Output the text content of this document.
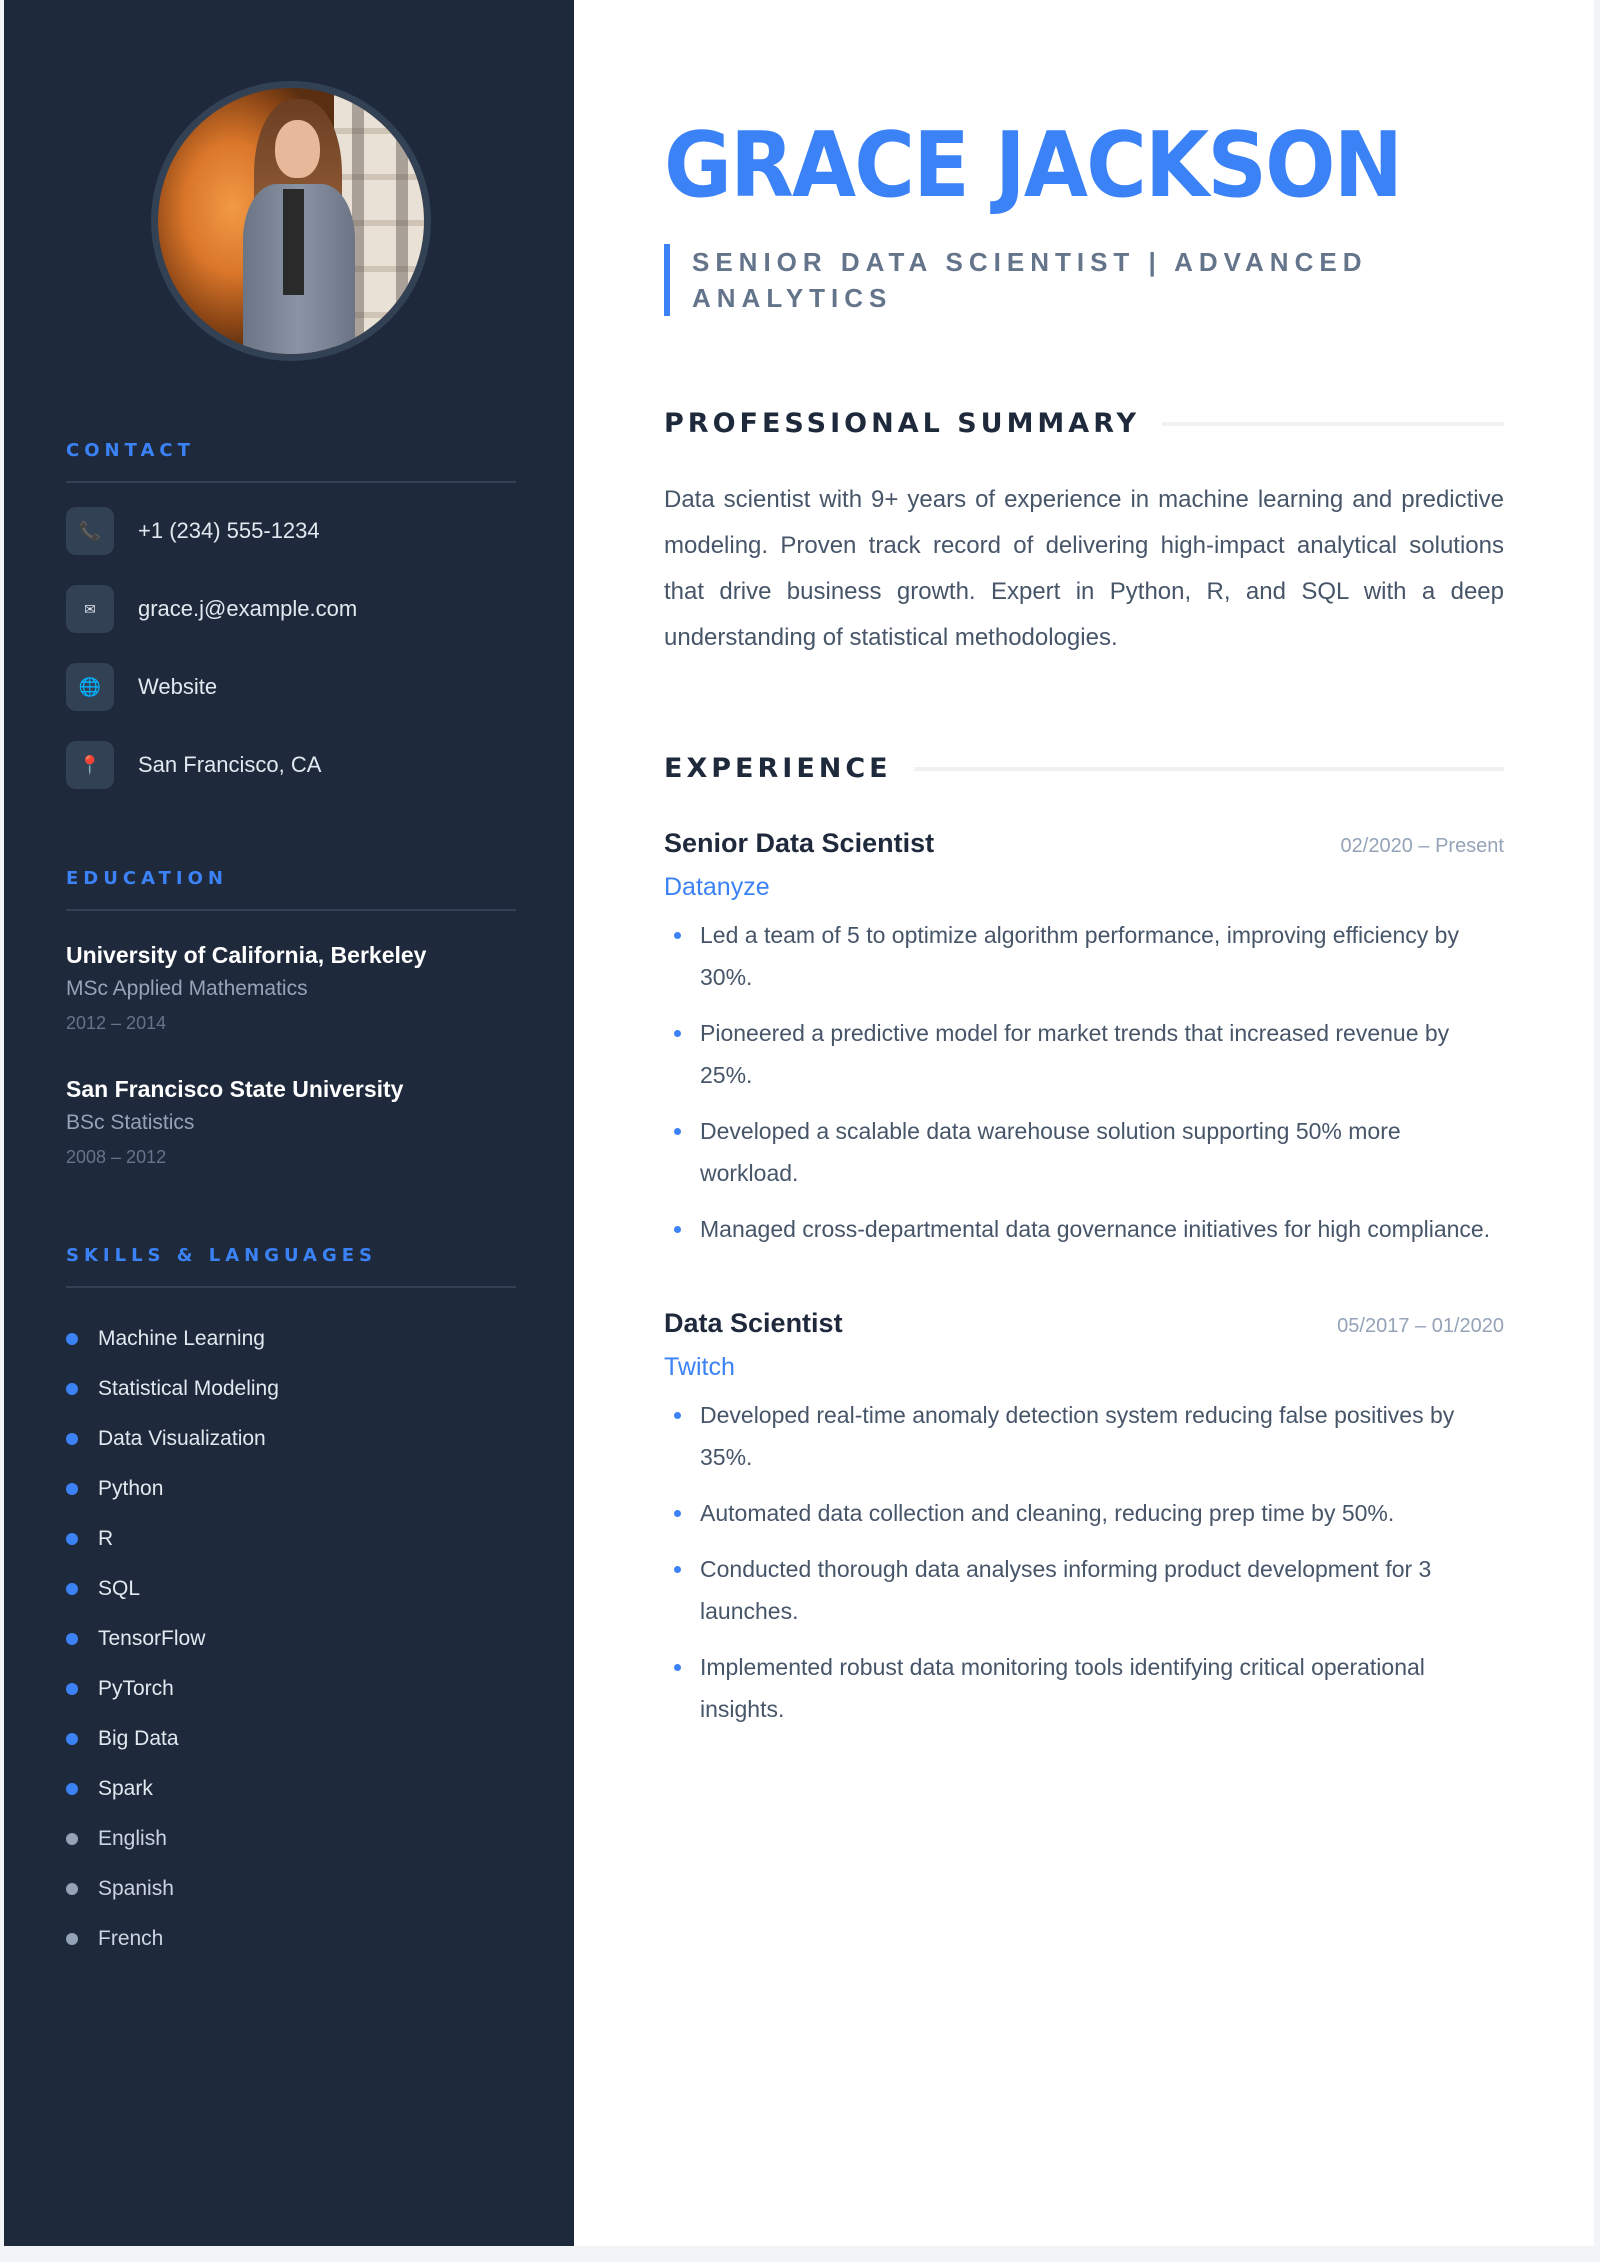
CONTACT
📞	+1 (234) 555-1234
✉	grace.j@example.com
🌐	Website
📍	San Francisco, CA
EDUCATION
University of California, Berkeley
MSc Applied Mathematics
2012 – 2014
San Francisco State University
BSc Statistics
2008 – 2012
SKILLS & LANGUAGES
Machine Learning
Statistical Modeling
Data Visualization
Python
R
SQL
TensorFlow
PyTorch
Big Data
Spark
English
Spanish
French
GRACE JACKSON
SENIOR DATA SCIENTIST | ADVANCED ANALYTICS
PROFESSIONAL SUMMARY

Data scientist with 9+ years of experience in machine learning and predictive modeling. Proven track record of delivering high-impact analytical solutions that drive business growth. Expert in Python, R, and SQL with a deep understanding of statistical methodologies.

EXPERIENCE
Senior Data Scientist	02/2020 – Present
Datanyze
Led a team of 5 to optimize algorithm performance, improving efficiency by 30%.
Pioneered a predictive model for market trends that increased revenue by 25%.
Developed a scalable data warehouse solution supporting 50% more workload.
Managed cross-departmental data governance initiatives for high compliance.
Data Scientist	05/2017 – 01/2020
Twitch
Developed real-time anomaly detection system reducing false positives by 35%.
Automated data collection and cleaning, reducing prep time by 50%.
Conducted thorough data analyses informing product development for 3 launches.
Implemented robust data monitoring tools identifying critical operational insights.
